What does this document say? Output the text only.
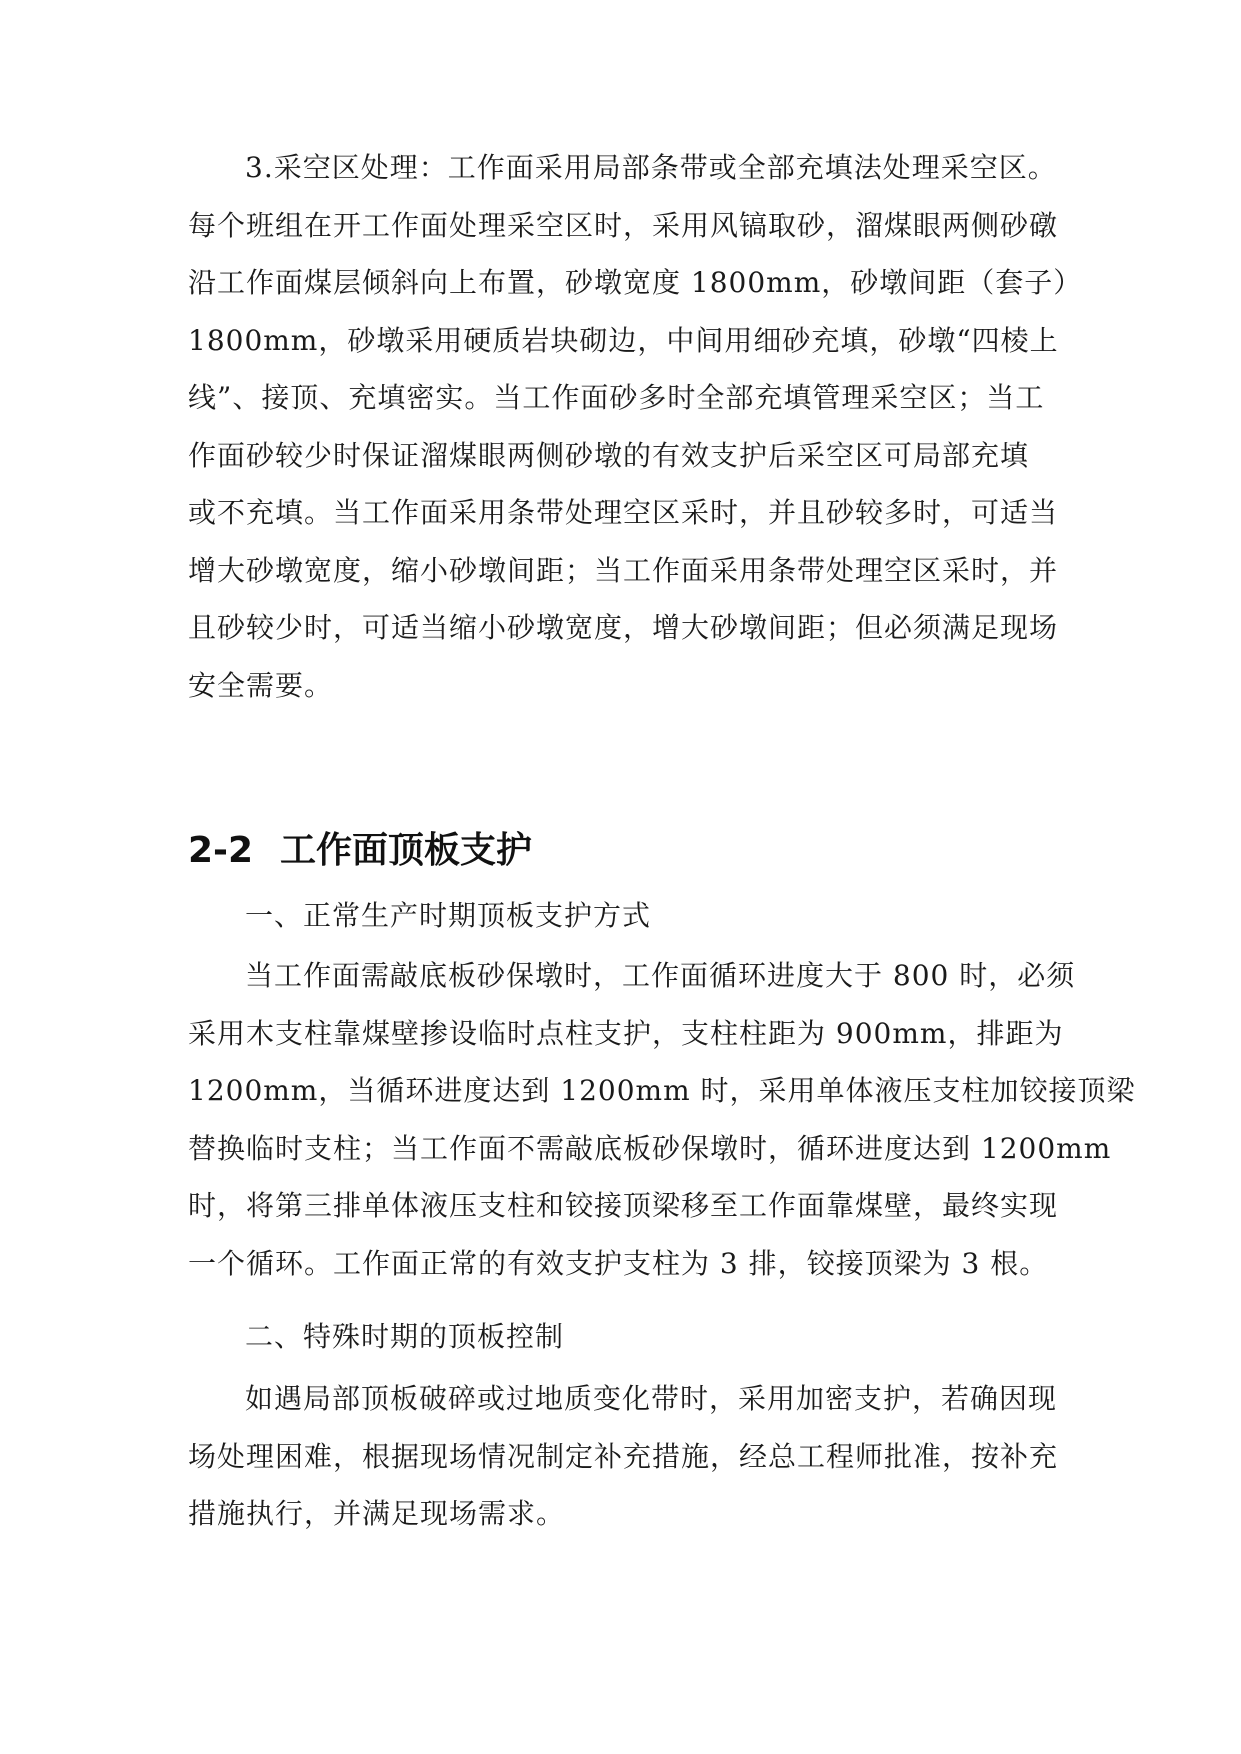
3.采空区处理：工作面采用局部条带或全部充填法处理采空区。
每个班组在开工作面处理采空区时，采用风镐取砂，溜煤眼两侧砂礅
沿工作面煤层倾斜向上布置，砂墩宽度 1800mm，砂墩间距（套子）
1800mm，砂墩采用硬质岩块砌边，中间用细砂充填，砂墩“四棱上
线”、接顶、充填密实。当工作面砂多时全部充填管理采空区；当工
作面砂较少时保证溜煤眼两侧砂墩的有效支护后采空区可局部充填
或不充填。当工作面采用条带处理空区采时，并且砂较多时，可适当
增大砂墩宽度，缩小砂墩间距；当工作面采用条带处理空区采时，并
且砂较少时，可适当缩小砂墩宽度，增大砂墩间距；但必须满足现场
安全需要。
2-2 工作面顶板支护
一、正常生产时期顶板支护方式
当工作面需敲底板砂保墩时，工作面循环进度大于 800 时，必须
采用木支柱靠煤壁掺设临时点柱支护，支柱柱距为 900mm，排距为
1200mm，当循环进度达到 1200mm 时，采用单体液压支柱加铰接顶梁
替换临时支柱；当工作面不需敲底板砂保墩时，循环进度达到 1200mm
时，将第三排单体液压支柱和铰接顶梁移至工作面靠煤壁，最终实现
一个循环。工作面正常的有效支护支柱为 3 排，铰接顶梁为 3 根。
二、特殊时期的顶板控制
如遇局部顶板破碎或过地质变化带时，采用加密支护，若确因现
场处理困难，根据现场情况制定补充措施，经总工程师批准，按补充
措施执行，并满足现场需求。
